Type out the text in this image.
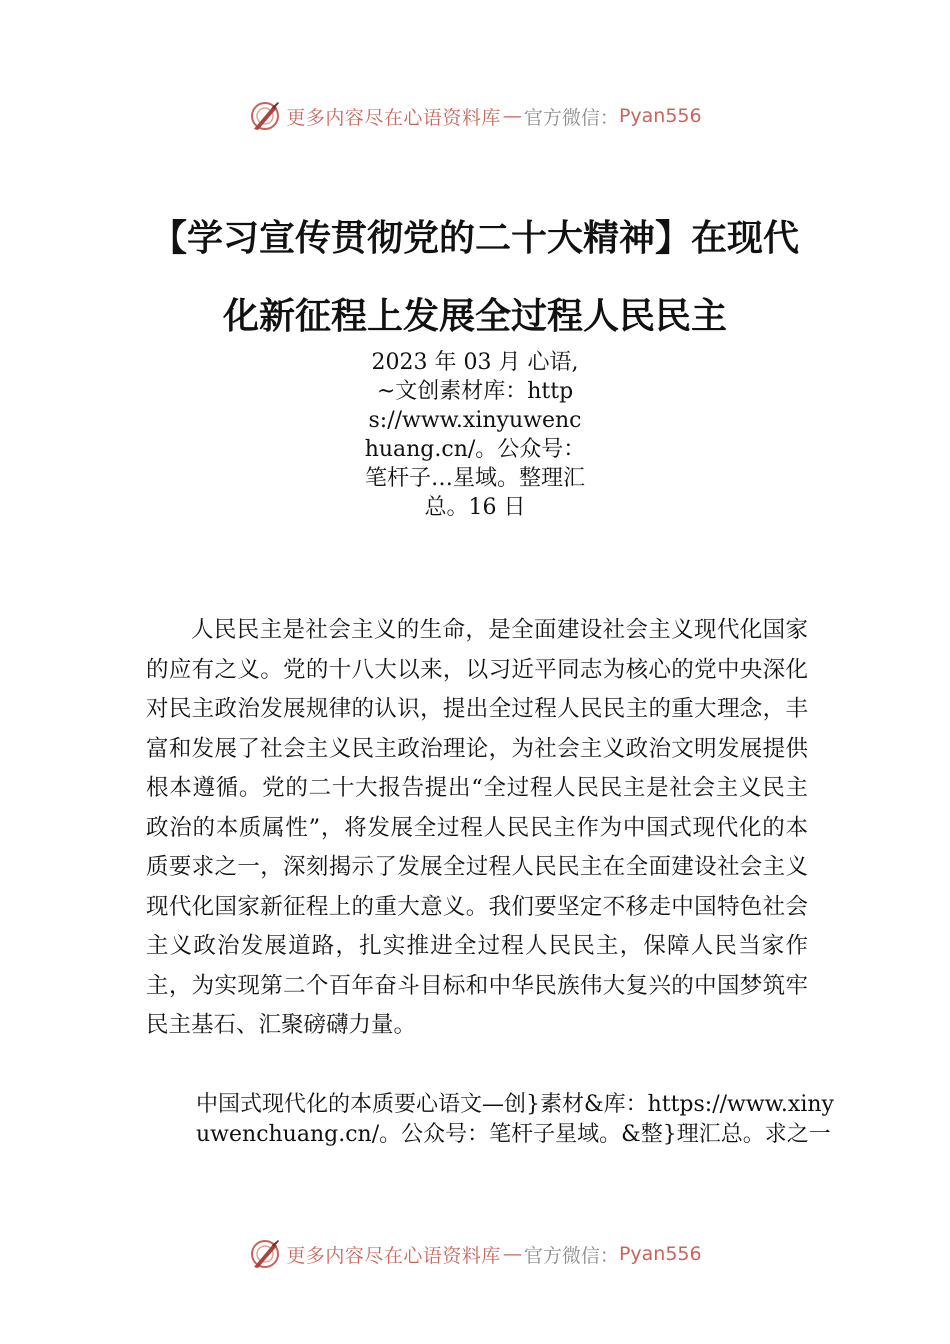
更多内容尽在心语资料库 — 官方微信： Pyan556
【学习宣传贯彻党的二十大精神】在现代
化新征程上发展全过程人民民主
2023 年 03 月 心语,~文创素材库：https://www.xinyuwenchuang.cn/。公众号：笔杆子…星域。整理汇总。16 日

人民民主是社会主义的生命，是全面建设社会主义现代化国家的应有之义。党的十八大以来，以习近平同志为核心的党中央深化对民主政治发展规律的认识，提出全过程人民民主的重大理念，丰富和发展了社会主义民主政治理论，为社会主义政治文明发展提供根本遵循。党的二十大报告提出“全过程人民民主是社会主义民主政治的本质属性”，将发展全过程人民民主作为中国式现代化的本质要求之一，深刻揭示了发展全过程人民民主在全面建设社会主义现代化国家新征程上的重大意义。我们要坚定不移走中国特色社会主义政治发展道路，扎实推进全过程人民民主，保障人民当家作主，为实现第二个百年奋斗目标和中华民族伟大复兴的中国梦筑牢民主基石、汇聚磅礴力量。

中国式现代化的本质要心语文—创}素材&库：https://www.xinyuwenchuang.cn/。公众号：笔杆子星域。&整}理汇总。求之一
更多内容尽在心语资料库 — 官方微信： Pyan556
